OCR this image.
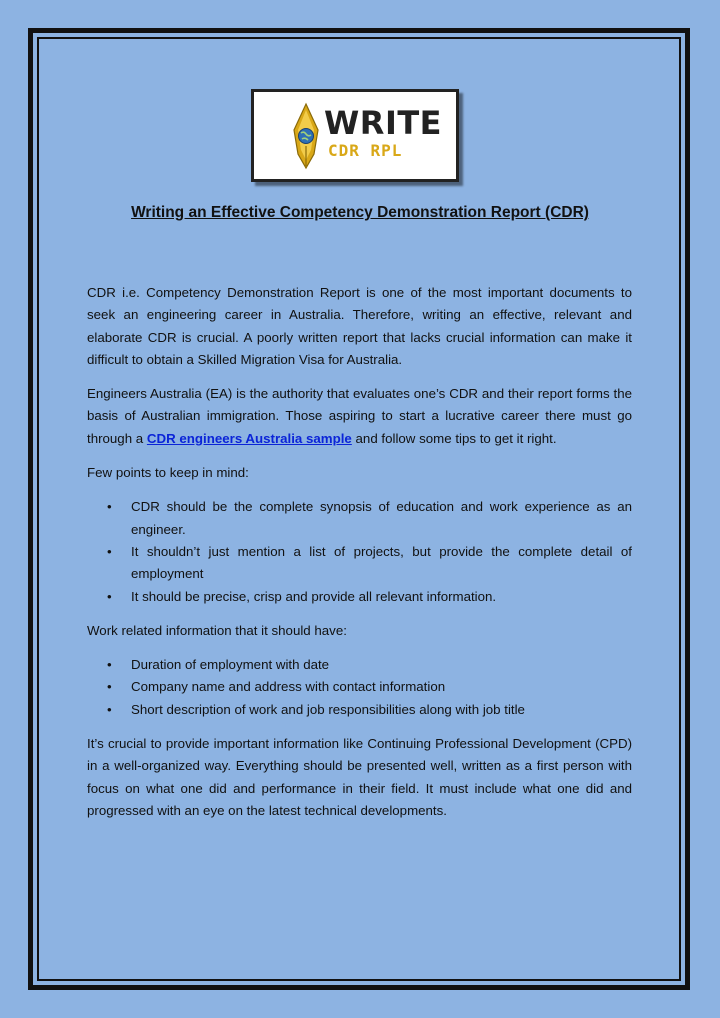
WRITE
CDR RPL
Writing an Effective Competency Demonstration Report (CDR)

CDR i.e. Competency Demonstration Report is one of the most important documents to seek an engineering career in Australia. Therefore, writing an effective, relevant and elaborate CDR is crucial. A poorly written report that lacks crucial information can make it difficult to obtain a Skilled Migration Visa for Australia.

Engineers Australia (EA) is the authority that evaluates one’s CDR and their report forms the basis of Australian immigration. Those aspiring to start a lucrative career there must go through a CDR engineers Australia sample and follow some tips to get it right.

Few points to keep in mind:

• CDR should be the complete synopsis of education and work experience as an engineer.
• It shouldn’t just mention a list of projects, but provide the complete detail of employment
• It should be precise, crisp and provide all relevant information.

Work related information that it should have:

• Duration of employment with date
• Company name and address with contact information
• Short description of work and job responsibilities along with job title

It’s crucial to provide important information like Continuing Professional Development (CPD) in a well-organized way. Everything should be presented well, written as a first person with focus on what one did and performance in their field. It must include what one did and progressed with an eye on the latest technical developments.
